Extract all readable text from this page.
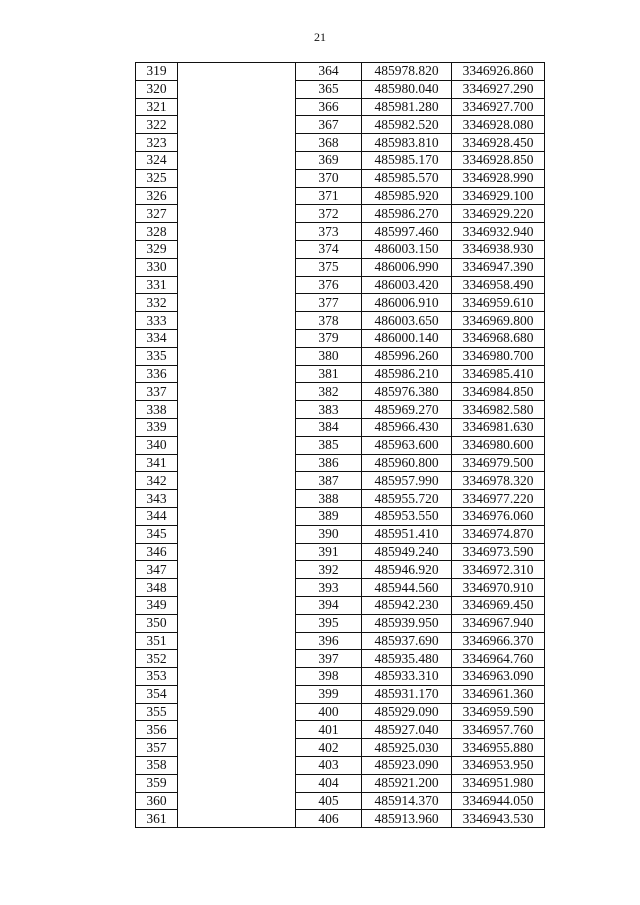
21
319		364	485978.820	3346926.860
320		365	485980.040	3346927.290
321		366	485981.280	3346927.700
322		367	485982.520	3346928.080
323		368	485983.810	3346928.450
324		369	485985.170	3346928.850
325		370	485985.570	3346928.990
326		371	485985.920	3346929.100
327		372	485986.270	3346929.220
328		373	485997.460	3346932.940
329		374	486003.150	3346938.930
330		375	486006.990	3346947.390
331		376	486003.420	3346958.490
332		377	486006.910	3346959.610
333		378	486003.650	3346969.800
334		379	486000.140	3346968.680
335		380	485996.260	3346980.700
336		381	485986.210	3346985.410
337		382	485976.380	3346984.850
338		383	485969.270	3346982.580
339		384	485966.430	3346981.630
340		385	485963.600	3346980.600
341		386	485960.800	3346979.500
342		387	485957.990	3346978.320
343		388	485955.720	3346977.220
344		389	485953.550	3346976.060
345		390	485951.410	3346974.870
346		391	485949.240	3346973.590
347		392	485946.920	3346972.310
348		393	485944.560	3346970.910
349		394	485942.230	3346969.450
350		395	485939.950	3346967.940
351		396	485937.690	3346966.370
352		397	485935.480	3346964.760
353		398	485933.310	3346963.090
354		399	485931.170	3346961.360
355		400	485929.090	3346959.590
356		401	485927.040	3346957.760
357		402	485925.030	3346955.880
358		403	485923.090	3346953.950
359		404	485921.200	3346951.980
360		405	485914.370	3346944.050
361		406	485913.960	3346943.530
